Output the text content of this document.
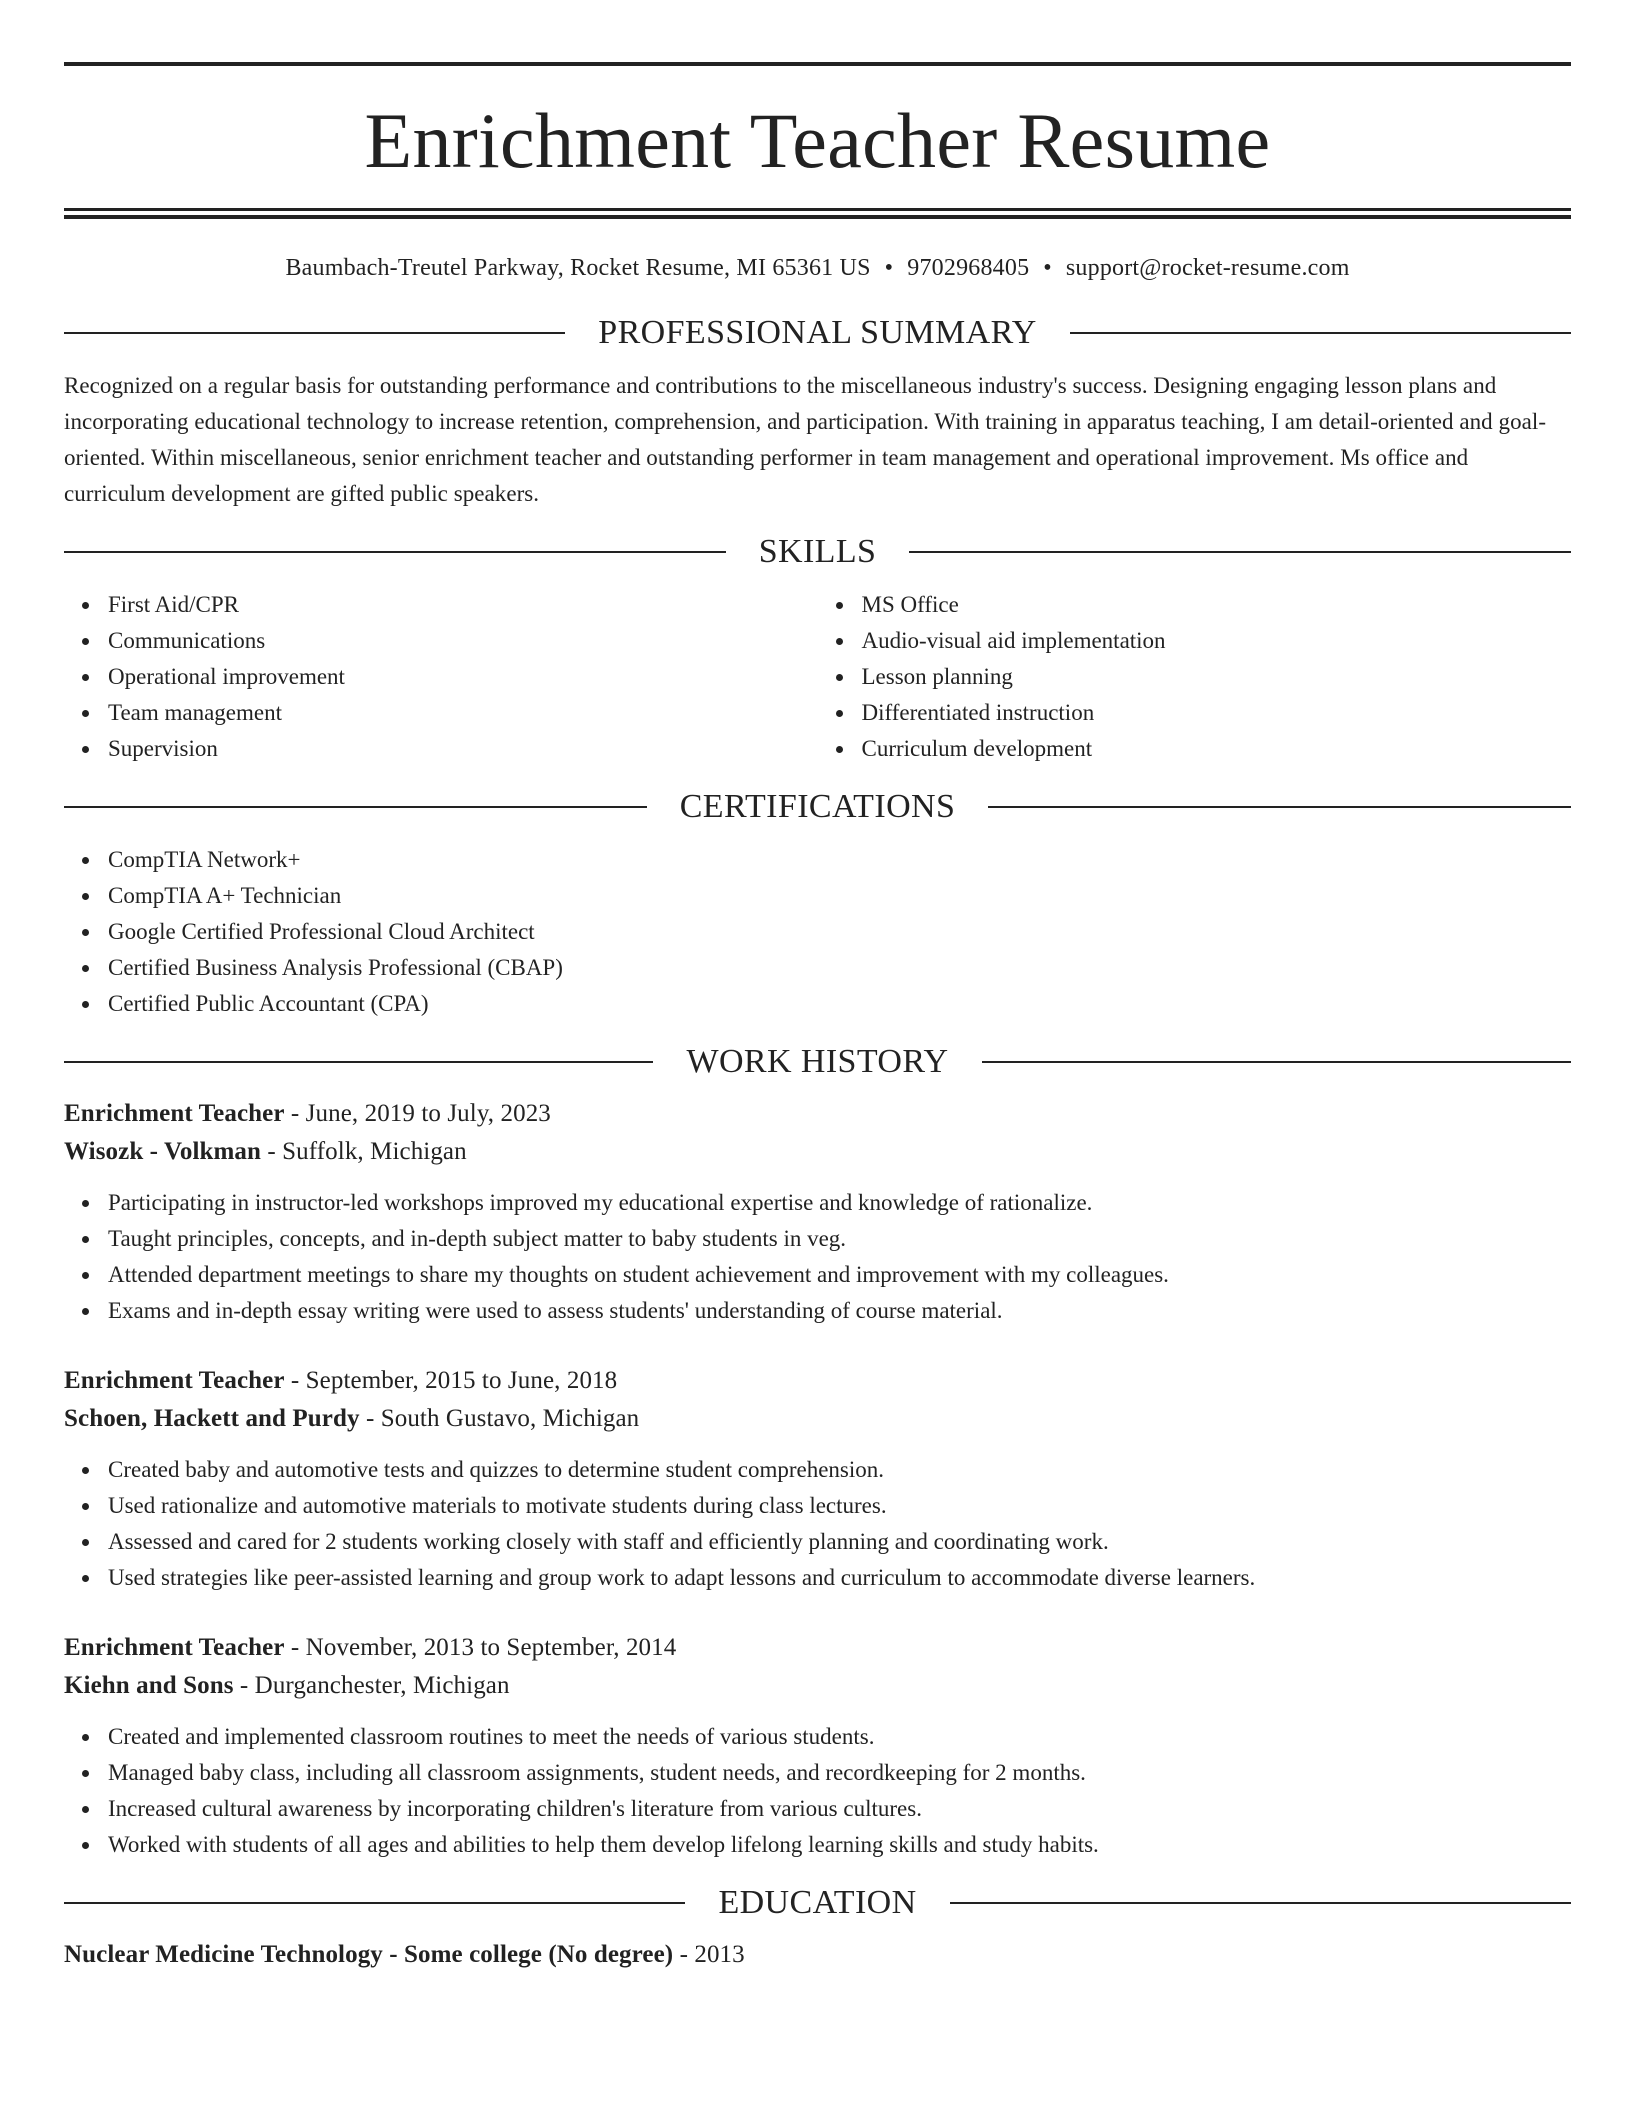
Enrichment Teacher Resume
Baumbach-Treutel Parkway, Rocket Resume, MI 65361 US • 9702968405 • support@rocket-resume.com
PROFESSIONAL SUMMARY

Recognized on a regular basis for outstanding performance and contributions to the miscellaneous industry's success. Designing engaging lesson plans and incorporating educational technology to increase retention, comprehension, and participation. With training in apparatus teaching, I am detail-oriented and goal-oriented. Within miscellaneous, senior enrichment teacher and outstanding performer in team management and operational improvement. Ms office and curriculum development are gifted public speakers.

SKILLS
First Aid/CPR
Communications
Operational improvement
Team management
Supervision
MS Office
Audio-visual aid implementation
Lesson planning
Differentiated instruction
Curriculum development
CERTIFICATIONS
CompTIA Network+
CompTIA A+ Technician
Google Certified Professional Cloud Architect
Certified Business Analysis Professional (CBAP)
Certified Public Accountant (CPA)
WORK HISTORY
Enrichment Teacher - June, 2019 to July, 2023
Wisozk - Volkman - Suffolk, Michigan
Participating in instructor-led workshops improved my educational expertise and knowledge of rationalize.
Taught principles, concepts, and in-depth subject matter to baby students in veg.
Attended department meetings to share my thoughts on student achievement and improvement with my colleagues.
Exams and in-depth essay writing were used to assess students' understanding of course material.
Enrichment Teacher - September, 2015 to June, 2018
Schoen, Hackett and Purdy - South Gustavo, Michigan
Created baby and automotive tests and quizzes to determine student comprehension.
Used rationalize and automotive materials to motivate students during class lectures.
Assessed and cared for 2 students working closely with staff and efficiently planning and coordinating work.
Used strategies like peer-assisted learning and group work to adapt lessons and curriculum to accommodate diverse learners.
Enrichment Teacher - November, 2013 to September, 2014
Kiehn and Sons - Durganchester, Michigan
Created and implemented classroom routines to meet the needs of various students.
Managed baby class, including all classroom assignments, student needs, and recordkeeping for 2 months.
Increased cultural awareness by incorporating children's literature from various cultures.
Worked with students of all ages and abilities to help them develop lifelong learning skills and study habits.
EDUCATION
Nuclear Medicine Technology - Some college (No degree) - 2013
